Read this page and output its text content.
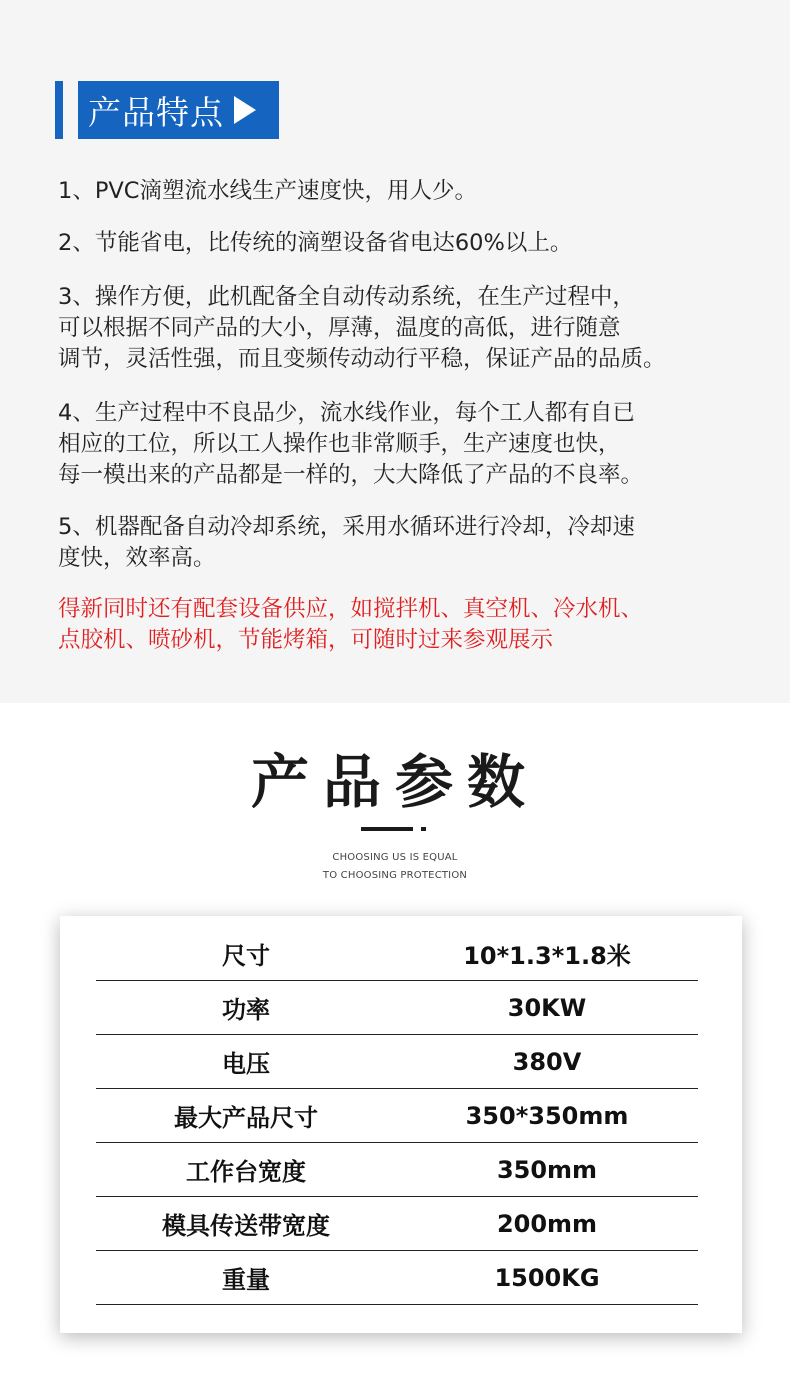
产品特点

1、PVC滴塑流水线生产速度快，用人少。

2、节能省电，比传统的滴塑设备省电达60%以上。

3、操作方便，此机配备全自动传动系统，在生产过程中，
可以根据不同产品的大小，厚薄，温度的高低，进行随意
调节，灵活性强，而且变频传动动行平稳，保证产品的品质。

4、生产过程中不良品少，流水线作业，每个工人都有自已
相应的工位，所以工人操作也非常顺手，生产速度也快，
每一模出来的产品都是一样的，大大降低了产品的不良率。

5、机器配备自动冷却系统，采用水循环进行冷却，冷却速
度快，效率高。

得新同时还有配套设备供应，如搅拌机、真空机、冷水机、
点胶机、喷砂机，节能烤箱，可随时过来参观展示

产品参数
CHOOSING US IS EQUAL
TO CHOOSING PROTECTION
尺寸	10*1.3*1.8米
功率	30KW
电压	380V
最大产品尺寸	350*350mm
工作台宽度	350mm
模具传送带宽度	200mm
重量	1500KG
